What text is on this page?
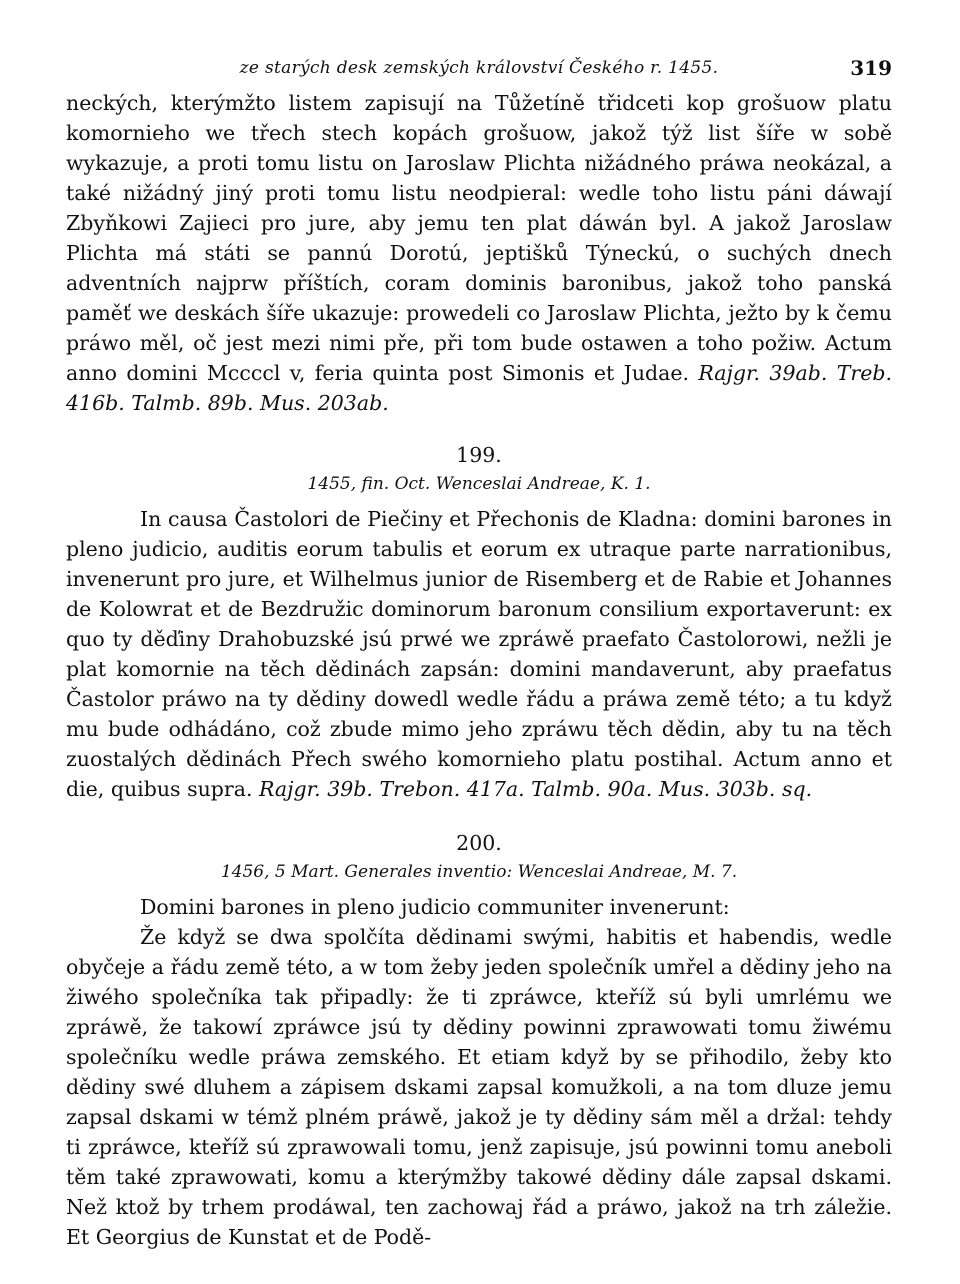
ze starých desk zemských království Českého r. 1455.	319

neckých, kterýmžto listem zapisují na Tůžetíně třidceti kop grošuow platu komornieho we třech stech kopách grošuow, jakož týž list šíře w sobě wykazuje, a proti tomu listu on Jaroslaw Plichta nižádného práwa neokázal, a také nižádný jiný proti tomu listu neodpieral: wedle toho listu páni dáwají Zbyňkowi Zajieci pro jure, aby jemu ten plat dáwán byl. A jakož Jaroslaw Plichta má státi se pannú Dorotú, jeptišků Týneckú, o suchých dnech adventních najprw příštích, coram dominis baronibus, jakož toho panská paměť we deskách šíře ukazuje: prowedeli co Jaroslaw Plichta, ježto by k čemu práwo měl, oč jest mezi nimi pře, při tom bude ostawen a toho požiw. Actum anno domini Mccccl v, feria quinta post Simonis et Judae. Rajgr. 39ab. Treb. 416b. Talmb. 89b. Mus. 203ab.

199.
1455, fin. Oct. Wenceslai Andreae, K. 1.

In causa Častolori de Piečiny et Přechonis de Kladna: domini barones in pleno judicio, auditis eorum tabulis et eorum ex utraque parte narrationibus, invenerunt pro jure, et Wilhelmus junior de Risemberg et de Rabie et Johannes de Kolowrat et de Bezdružic dominorum baronum consilium exportaverunt: ex quo ty děďiny Drahobuzské jsú prwé we zpráwě praefato Častolorowi, nežli je plat komornie na těch dědinách zapsán: domini mandaverunt, aby praefatus Častolor práwo na ty dědiny dowedl wedle řádu a práwa země této; a tu když mu bude odhádáno, což zbude mimo jeho zpráwu těch dědin, aby tu na těch zuostalých dědinách Přech swého komornieho platu postihal. Actum anno et die, quibus supra. Rajgr. 39b. Trebon. 417a. Talmb. 90a. Mus. 303b. sq.

200.
1456, 5 Mart. Generales inventio: Wenceslai Andreae, M. 7.

Domini barones in pleno judicio communiter invenerunt:

Že když se dwa spolčíta dědinami swými, habitis et habendis, wedle obyčeje a řádu země této, a w tom žeby jeden společník umřel a dědiny jeho na žiwého společníka tak připadly: že ti zpráwce, kteříž sú byli umrlému we zpráwě, že takowí zpráwce jsú ty dědiny powinni zprawowati tomu žiwému společníku wedle práwa zemského. Et etiam když by se přihodilo, žeby kto dědiny swé dluhem a zápisem dskami zapsal komužkoli, a na tom dluze jemu zapsal dskami w témž plném práwě, jakož je ty dědiny sám měl a držal: tehdy ti zpráwce, kteříž sú zprawowali tomu, jenž zapisuje, jsú powinni tomu aneboli těm také zprawowati, komu a kterýmžby takowé dědiny dále zapsal dskami. Než ktož by trhem prodáwal, ten zachowaj řád a práwo, jakož na trh záležie. Et Georgius de Kunstat et de Podě-
